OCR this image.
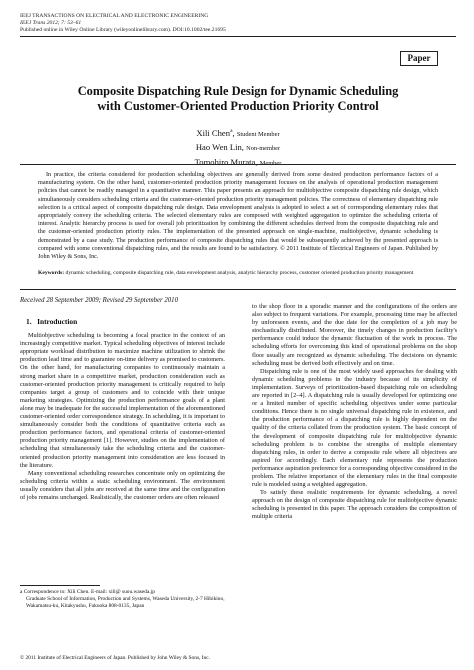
IEEJ TRANSACTIONS ON ELECTRICAL AND ELECTRONIC ENGINEERING
IEEJ Trans 2012; 7: 53–61
Published online in Wiley Online Library (wileyonlinelibrary.com). DOI:10.1002/tee.21695
Paper
Composite Dispatching Rule Design for Dynamic Scheduling
with Customer-Oriented Production Priority Control
Xili Chen$^a$, Student Member
Hao Wen Lin, Non-member
Tomohiro Murata, Member
In practice, the criteria considered for production scheduling objectives are generally derived from some desired production performance factors of a manufacturing system. On the other hand, customer-oriented production priority management focuses on the analysis of operational production management policies that cannot be readily managed in a quantitative manner. This paper presents an approach for multiobjective composite dispatching rule design, which simultaneously considers scheduling criteria and the customer-oriented production priority management policies. The correctness of elementary dispatching rule selection is a critical aspect of composite dispatching rule design. Data envelopment analysis is adopted to select a set of corresponding elementary rules that appropriately convey the scheduling criteria. The selected elementary rules are composed with weighted aggregation to optimize the scheduling criteria of interest. Analytic hierarchy process is used for overall job prioritization by combining the different schedules derived from the composite dispatching rule and the customer-oriented production priority rules. The implementation of the presented approach on single-machine, multiobjective, dynamic scheduling is demonstrated by a case study. The production performance of composite dispatching rules that would be subsequently achieved by the presented approach is compared with some conventional dispatching rules, and the results are found to be satisfactory. © 2011 Institute of Electrical Engineers of Japan. Published by John Wiley & Sons, Inc.
Keywords: dynamic scheduling, composite dispatching rule, data envelopment analysis, analytic hierarchy process, customer oriented production priority management
Received 28 September 2009; Revised 29 September 2010
1. Introduction

Multiobjective scheduling is becoming a focal practice in the context of an increasingly competitive market. Typical scheduling objectives of interest include appropriate workload distribution to maximize machine utilization to shrink the production lead time and to guarantee on-time delivery as promised to customers. On the other hand, for manufacturing companies to continuously maintain a strong market share in a competitive market, production consideration such as customer-oriented production priority management is critically required to help companies target a group of customers and to coincide with their unique marketing strategies. Optimizing the production performance goals of a plant alone may be inadequate for the successful implementation of the aforementioned customer-oriented order correspondence strategy. In scheduling, it is important to simultaneously consider both the conditions of quantitative criteria such as production performance factors, and operational criteria of customer-oriented production priority management [1]. However, studies on the implementation of scheduling that simultaneously take the scheduling criteria and the customer-oriented production priority management into consideration are less focused in the literature.

Many conventional scheduling researches concentrate only on optimizing the scheduling criteria within a static scheduling environment. The environment usually considers that all jobs are received at the same time and the configuration of jobs remains unchanged. Realistically, the customer orders are often released

a Correspondence to: Xili Chen. E-mail: xili@ suou.waseda.jp

Graduate School of Information, Production and Systems, Waseda University, 2-7 Hibikino, Wakamatsu-ku, Kitakyushu, Fukuoka 808-0135, Japan

to the shop floor in a sporadic manner and the configurations of the orders are also subject to frequent variations. For example, processing time may be affected by unforeseen events, and the due date for the completion of a job may be stochastically distributed. Moreover, the timely changes in production facility's performance could induce the dynamic fluctuation of the work in process. The scheduling efforts for overcoming this kind of operational problems on the shop floor usually are recognized as dynamic scheduling. The decisions on dynamic scheduling must be derived both effectively and on time.

Dispatching rule is one of the most widely used approaches for dealing with dynamic scheduling problems in the industry because of its simplicity of implementation. Surveys of prioritization-based dispatching rule on scheduling are reported in [2–4]. A dispatching rule is usually developed for optimizing one or a limited number of specific scheduling objectives under some particular conditions. Hence there is no single universal dispatching rule in existence, and the production performance of a dispatching rule is highly dependent on the quality of the criteria collated from the production system. The basic concept of the development of composite dispatching rule for multiobjective dynamic scheduling problem is to combine the strengths of multiple elementary dispatching rules, in order to derive a composite rule where all objectives are aspired for accordingly. Each elementary rule represents the production performance aspiration preference for a corresponding objective considered in the problem. The relative importance of the elementary rules in the final composite rule is modeled using a weighted aggregation.

To satisfy these realistic requirements for dynamic scheduling, a novel approach on the design of composite dispatching rule for multiobjective dynamic scheduling is presented in this paper. The approach considers the composition of multiple criteria

© 2011 Institute of Electrical Engineers of Japan. Published by John Wiley & Sons, Inc.
